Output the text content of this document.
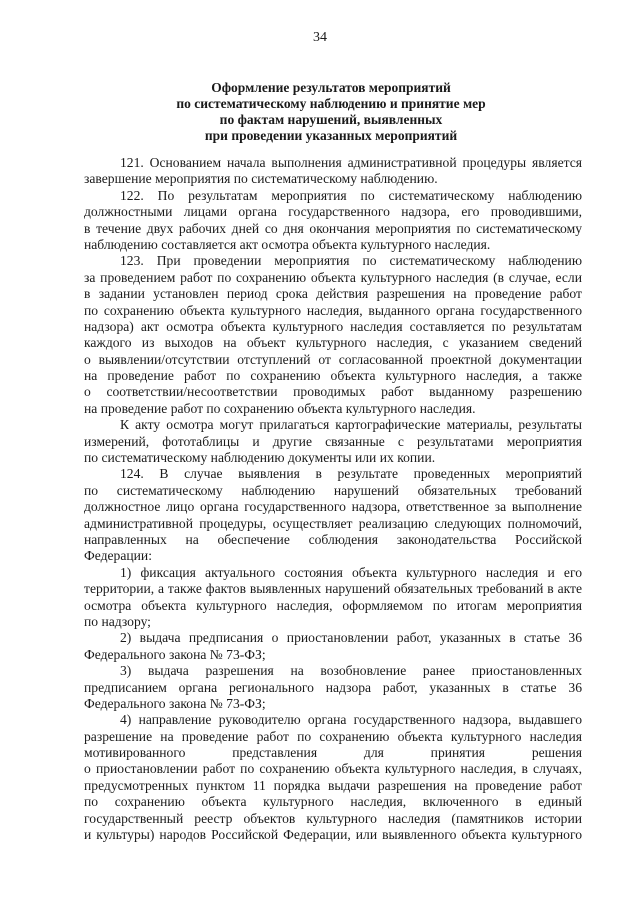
34
Оформление результатов мероприятий
по систематическому наблюдению и принятие мер
по фактам нарушений, выявленных
при проведении указанных мероприятий
121. Основанием начала выполнения административной процедуры является
завершение мероприятия по систематическому наблюдению.
122. По результатам мероприятия по систематическому наблюдению
должностными лицами органа государственного надзора, его проводившими,
в течение двух рабочих дней со дня окончания мероприятия по систематическому
наблюдению составляется акт осмотра объекта культурного наследия.
123. При проведении мероприятия по систематическому наблюдению
за проведением работ по сохранению объекта культурного наследия (в случае, если
в задании установлен период срока действия разрешения на проведение работ
по сохранению объекта культурного наследия, выданного органа государственного
надзора) акт осмотра объекта культурного наследия составляется по результатам
каждого из выходов на объект культурного наследия, с указанием сведений
о выявлении/отсутствии отступлений от согласованной проектной документации
на проведение работ по сохранению объекта культурного наследия, а также
о соответствии/несоответствии проводимых работ выданному разрешению
на проведение работ по сохранению объекта культурного наследия.
К акту осмотра могут прилагаться картографические материалы, результаты
измерений, фототаблицы и другие связанные с результатами мероприятия
по систематическому наблюдению документы или их копии.
124. В случае выявления в результате проведенных мероприятий
по систематическому наблюдению нарушений обязательных требований
должностное лицо органа государственного надзора, ответственное за выполнение
административной процедуры, осуществляет реализацию следующих полномочий,
направленных на обеспечение соблюдения законодательства Российской
Федерации:
1) фиксация актуального состояния объекта культурного наследия и его
территории, а также фактов выявленных нарушений обязательных требований в акте
осмотра объекта культурного наследия, оформляемом по итогам мероприятия
по надзору;
2) выдача предписания о приостановлении работ, указанных в статье 36
Федерального закона № 73-ФЗ;
3) выдача разрешения на возобновление ранее приостановленных
предписанием органа регионального надзора работ, указанных в статье 36
Федерального закона № 73-ФЗ;
4) направление руководителю органа государственного надзора, выдавшего
разрешение на проведение работ по сохранению объекта культурного наследия
мотивированного представления для принятия решения
о приостановлении работ по сохранению объекта культурного наследия, в случаях,
предусмотренных пунктом 11 порядка выдачи разрешения на проведение работ
по сохранению объекта культурного наследия, включенного в единый
государственный реестр объектов культурного наследия (памятников истории
и культуры) народов Российской Федерации, или выявленного объекта культурного
